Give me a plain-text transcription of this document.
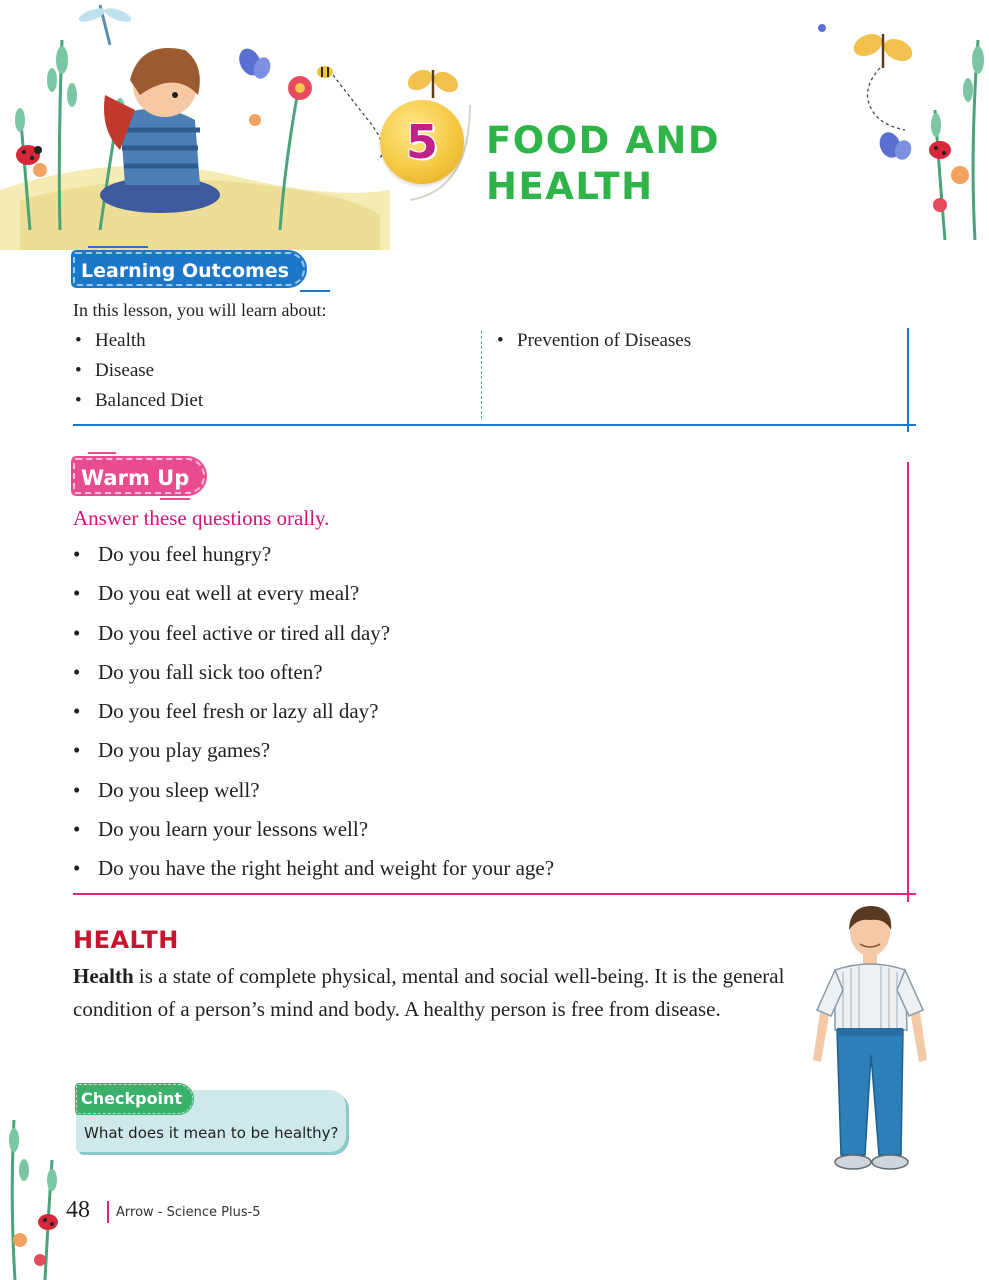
5	FOOD AND
HEALTH
Learning Outcomes
In this lesson, you will learn about:
• Health
• Disease
• Balanced Diet
• Prevention of Diseases
Warm Up
Answer these questions orally.
• Do you feel hungry?
• Do you eat well at every meal?
• Do you feel active or tired all day?
• Do you fall sick too often?
• Do you feel fresh or lazy all day?
• Do you play games?
• Do you sleep well?
• Do you learn your lessons well?
• Do you have the right height and weight for your age?
HEALTH
Health is a state of complete physical, mental and social well-being. It is the general condition of a person’s mind and body. A healthy person is free from disease.
Checkpoint
What does it mean to be healthy?
48 Arrow - Science Plus-5
